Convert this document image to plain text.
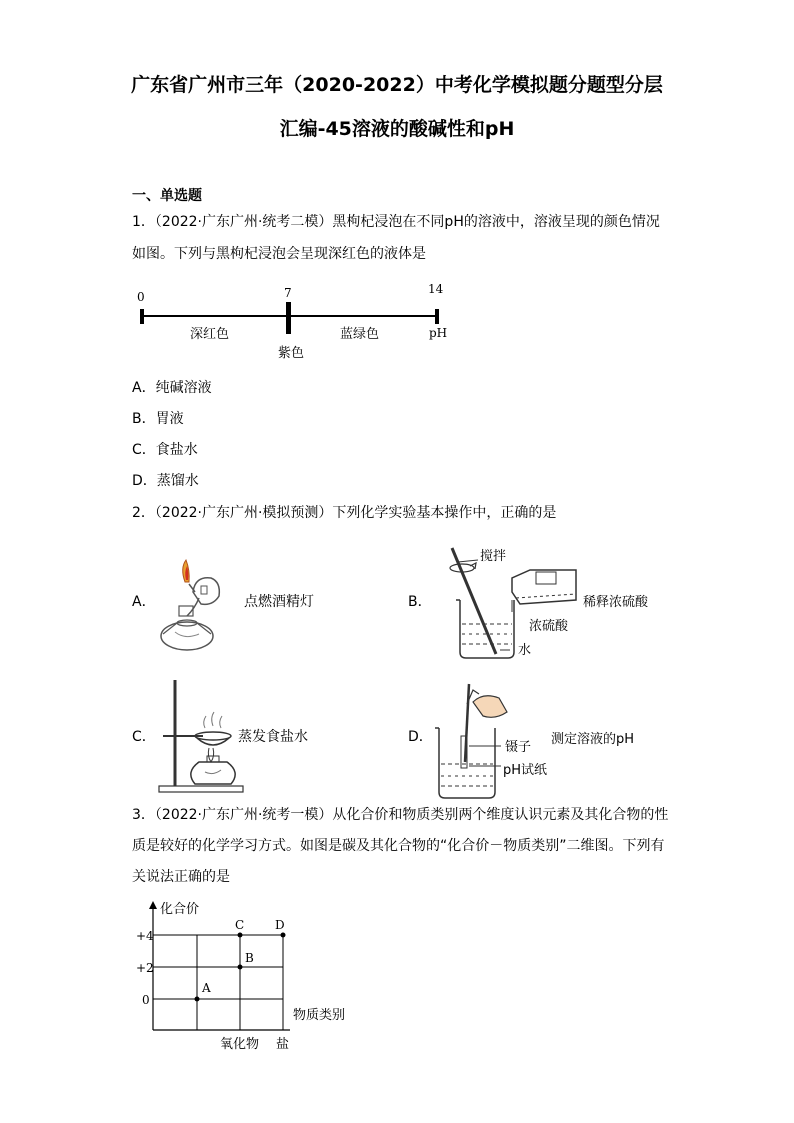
广东省广州市三年（2020-2022）中考化学模拟题分题型分层
汇编-45溶液的酸碱性和pH
一、单选题
1．（2022·广东广州·统考二模）黑枸杞浸泡在不同pH的溶液中，溶液呈现的颜色情况
如图。下列与黑枸杞浸泡会呈现深红色的液体是
0	7	14
深红色
紫色
蓝绿色	pH
A．纯碱溶液
B．胃液
C．食盐水
D．蒸馏水
2．（2022·广东广州·模拟预测）下列化学实验基本操作中，正确的是
A．	点燃酒精灯	B．
搅拌
稀释浓硫酸
浓硫酸
水
C．	蒸发食盐水	D．	测定溶液的pH
镊子
pH试纸
3．（2022·广东广州·统考一模）从化合价和物质类别两个维度认识元素及其化合物的性
质是较好的化学学习方式。如图是碳及其化合物的“化合价－物质类别”二维图。下列有
关说法正确的是
化合价
物质类别
+4
+2
0
氧化物 盐
A
B
C	D
